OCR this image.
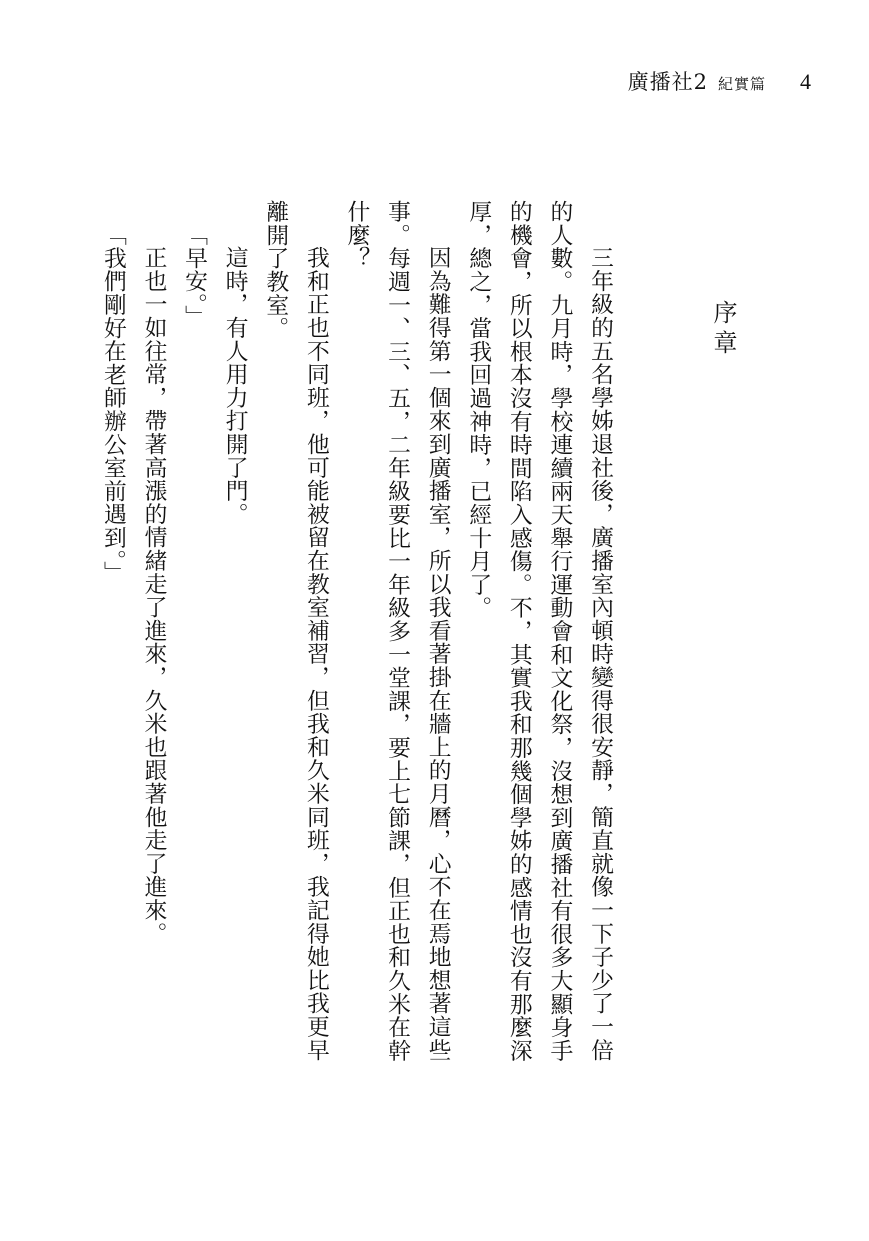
廣播社2 紀實篇 4
序章

三年級的五名學姊退社後，廣播室內頓時變得很安靜，簡直就像一下子少了一倍的人數。九月時，學校連續兩天舉行運動會和文化祭，沒想到廣播社有很多大顯身手的機會，所以根本沒有時間陷入感傷。不，其實我和那幾個學姊的感情也沒有那麼深厚，總之，當我回過神時，已經十月了。

因為難得第一個來到廣播室，所以我看著掛在牆上的月曆，心不在焉地想著這些事。每週一、三、五，二年級要比一年級多一堂課，要上七節課，但正也和久米在幹什麼？

我和正也不同班，他可能被留在教室補習，但我和久米同班，我記得她比我更早離開了教室。

這時，有人用力打開了門。

「早安。」

正也一如往常，帶著高漲的情緒走了進來，久米也跟著他走了進來。

「我們剛好在老師辦公室前遇到。」
